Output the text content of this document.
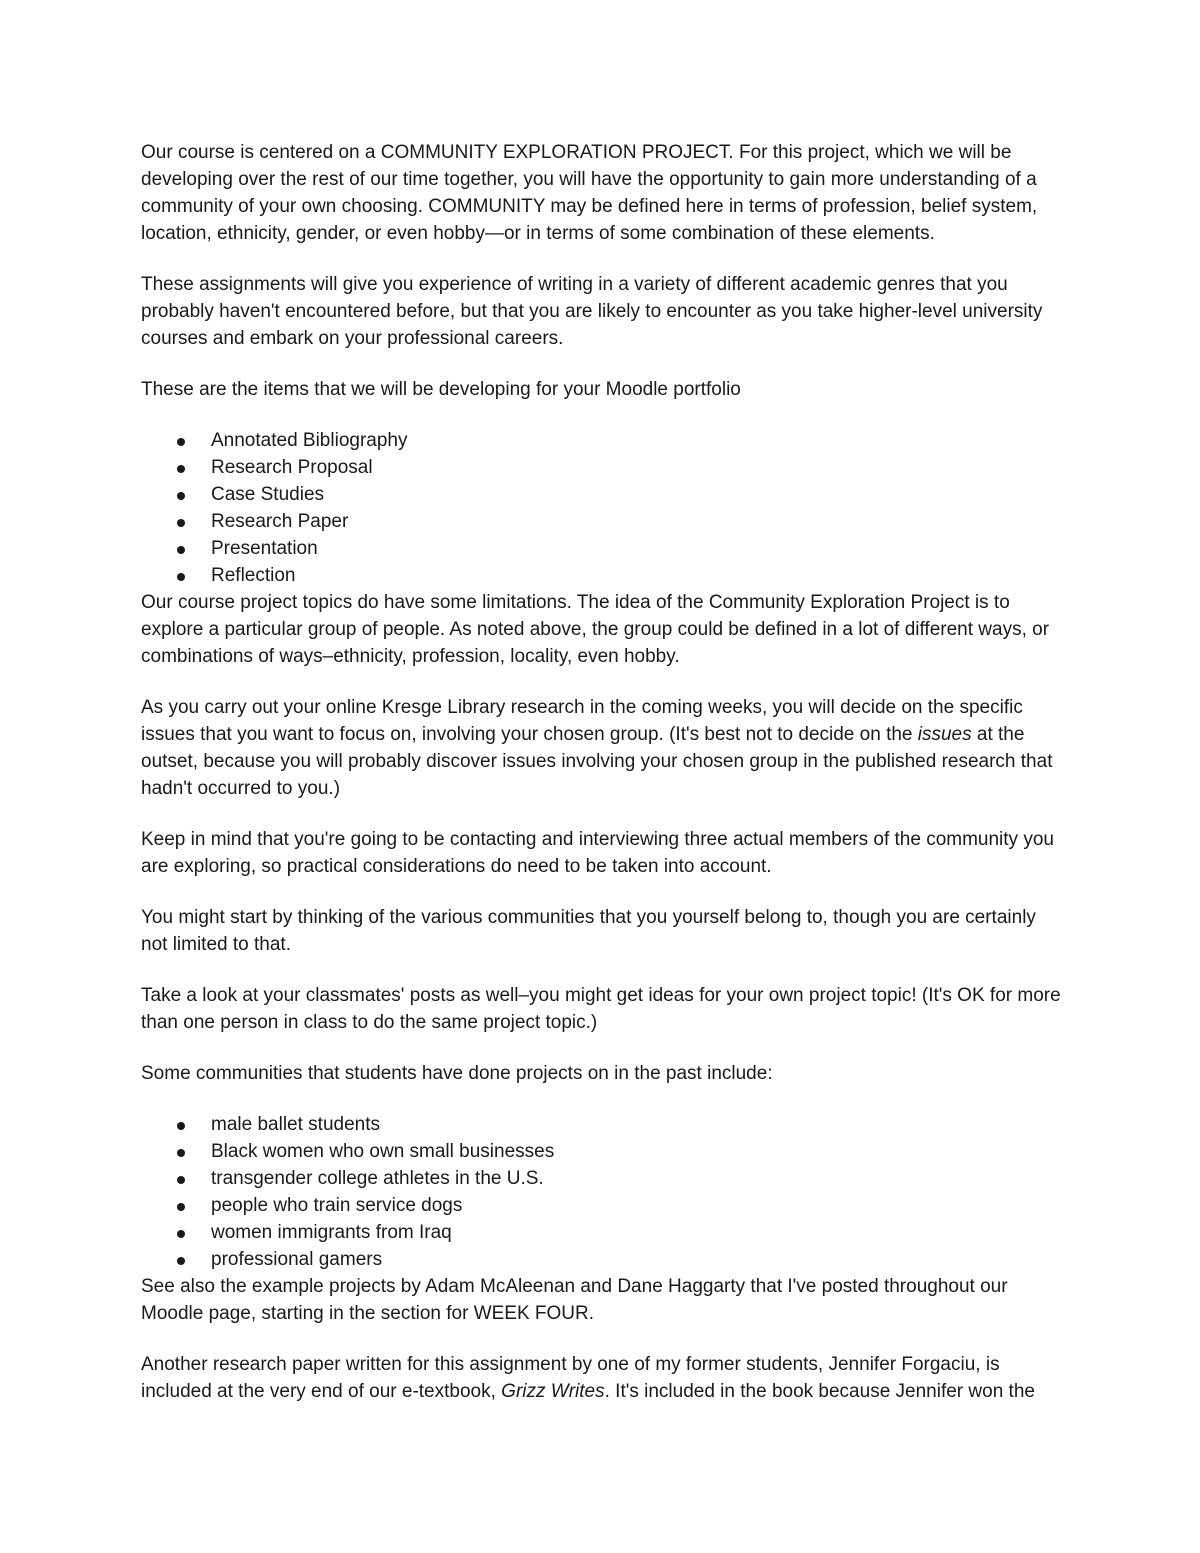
Our course is centered on a COMMUNITY EXPLORATION PROJECT. For this project, which we will be developing over the rest of our time together, you will have the opportunity to gain more understanding of a community of your own choosing. COMMUNITY may be defined here in terms of profession, belief system, location, ethnicity, gender, or even hobby—or in terms of some combination of these elements.

These assignments will give you experience of writing in a variety of different academic genres that you probably haven't encountered before, but that you are likely to encounter as you take higher-level university courses and embark on your professional careers.

These are the items that we will be developing for your Moodle portfolio

Annotated Bibliography
Research Proposal
Case Studies
Research Paper
Presentation
Reflection

Our course project topics do have some limitations. The idea of the Community Exploration Project is to explore a particular group of people. As noted above, the group could be defined in a lot of different ways, or combinations of ways–ethnicity, profession, locality, even hobby.

As you carry out your online Kresge Library research in the coming weeks, you will decide on the specific issues that you want to focus on, involving your chosen group. (It's best not to decide on the issues at the outset, because you will probably discover issues involving your chosen group in the published research that hadn't occurred to you.)

Keep in mind that you're going to be contacting and interviewing three actual members of the community you are exploring, so practical considerations do need to be taken into account.

You might start by thinking of the various communities that you yourself belong to, though you are certainly not limited to that.

Take a look at your classmates' posts as well–you might get ideas for your own project topic! (It's OK for more than one person in class to do the same project topic.)

Some communities that students have done projects on in the past include:

male ballet students
Black women who own small businesses
transgender college athletes in the U.S.
people who train service dogs
women immigrants from Iraq
professional gamers

See also the example projects by Adam McAleenan and Dane Haggarty that I've posted throughout our Moodle page, starting in the section for WEEK FOUR.

Another research paper written for this assignment by one of my former students, Jennifer Forgaciu, is included at the very end of our e-textbook, Grizz Writes. It's included in the book because Jennifer won the
